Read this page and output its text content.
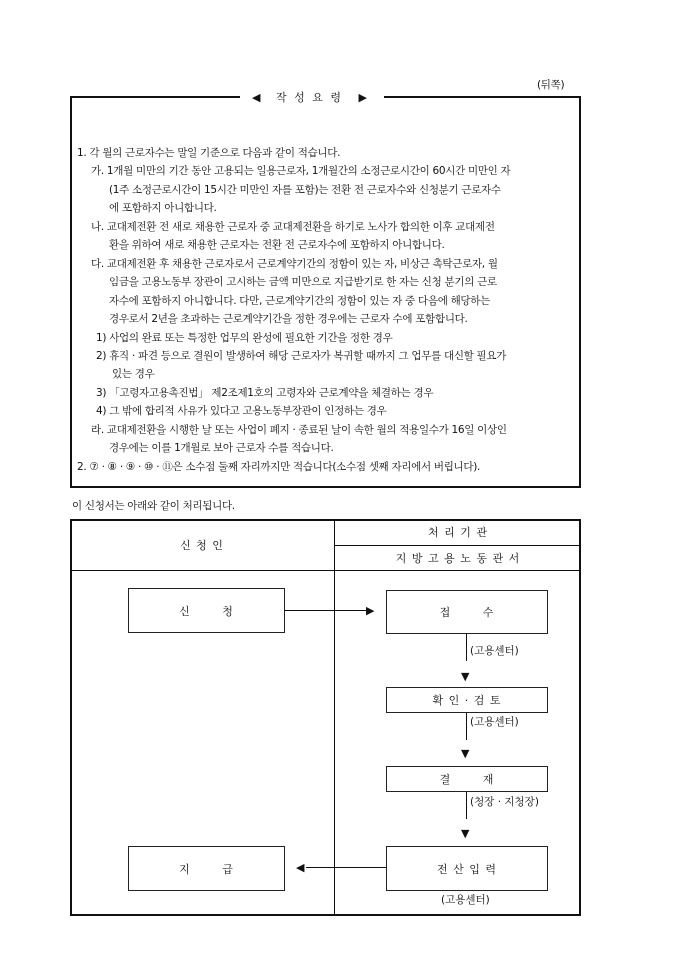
(뒤쪽)
◀ 작 성 요 령 ▶
1. 각 월의 근로자수는 말일 기준으로 다음과 같이 적습니다.
가. 1개월 미만의 기간 동안 고용되는 일용근로자, 1개월간의 소정근로시간이 60시간 미만인 자
(1주 소정근로시간이 15시간 미만인 자를 포함)는 전환 전 근로자수와 신청분기 근로자수
에 포함하지 아니합니다.
나. 교대제전환 전 새로 채용한 근로자 중 교대제전환을 하기로 노사가 합의한 이후 교대제전
환을 위하여 새로 채용한 근로자는 전환 전 근로자수에 포함하지 아니합니다.
다. 교대제전환 후 채용한 근로자로서 근로계약기간의 정함이 있는 자, 비상근 촉탁근로자, 월
임금을 고용노동부 장관이 고시하는 금액 미만으로 지급받기로 한 자는 신청 분기의 근로
자수에 포함하지 아니합니다. 다만, 근로계약기간의 정함이 있는 자 중 다음에 해당하는
경우로서 2년을 초과하는 근로계약기간을 정한 경우에는 근로자 수에 포함합니다.
1) 사업의 완료 또는 특정한 업무의 완성에 필요한 기간을 정한 경우
2) 휴직 · 파견 등으로 결원이 발생하여 해당 근로자가 복귀할 때까지 그 업무를 대신할 필요가
있는 경우
3) 「고령자고용촉진법」 제2조제1호의 고령자와 근로계약을 체결하는 경우
4) 그 밖에 합리적 사유가 있다고 고용노동부장관이 인정하는 경우
라. 교대제전환을 시행한 날 또는 사업이 폐지 · 종료된 날이 속한 월의 적용일수가 16일 이상인
경우에는 이를 1개월로 보아 근로자 수를 적습니다.
2. ⑦ · ⑧ · ⑨ · ⑩ · ⑪은 소수점 둘째 자리까지만 적습니다(소수점 셋째 자리에서 버립니다).
이 신청서는 아래와 같이 처리됩니다.
신 청 인
처 리 기 관
지 방 고 용 노 동 관 서
▶
▼
▼
▼
◀
신       청	접       수
(고용센터)
확 인 · 검 토
(고용센터)
결       재
(청장 · 지청장)
전 산 입 력
(고용센터)
지       급
